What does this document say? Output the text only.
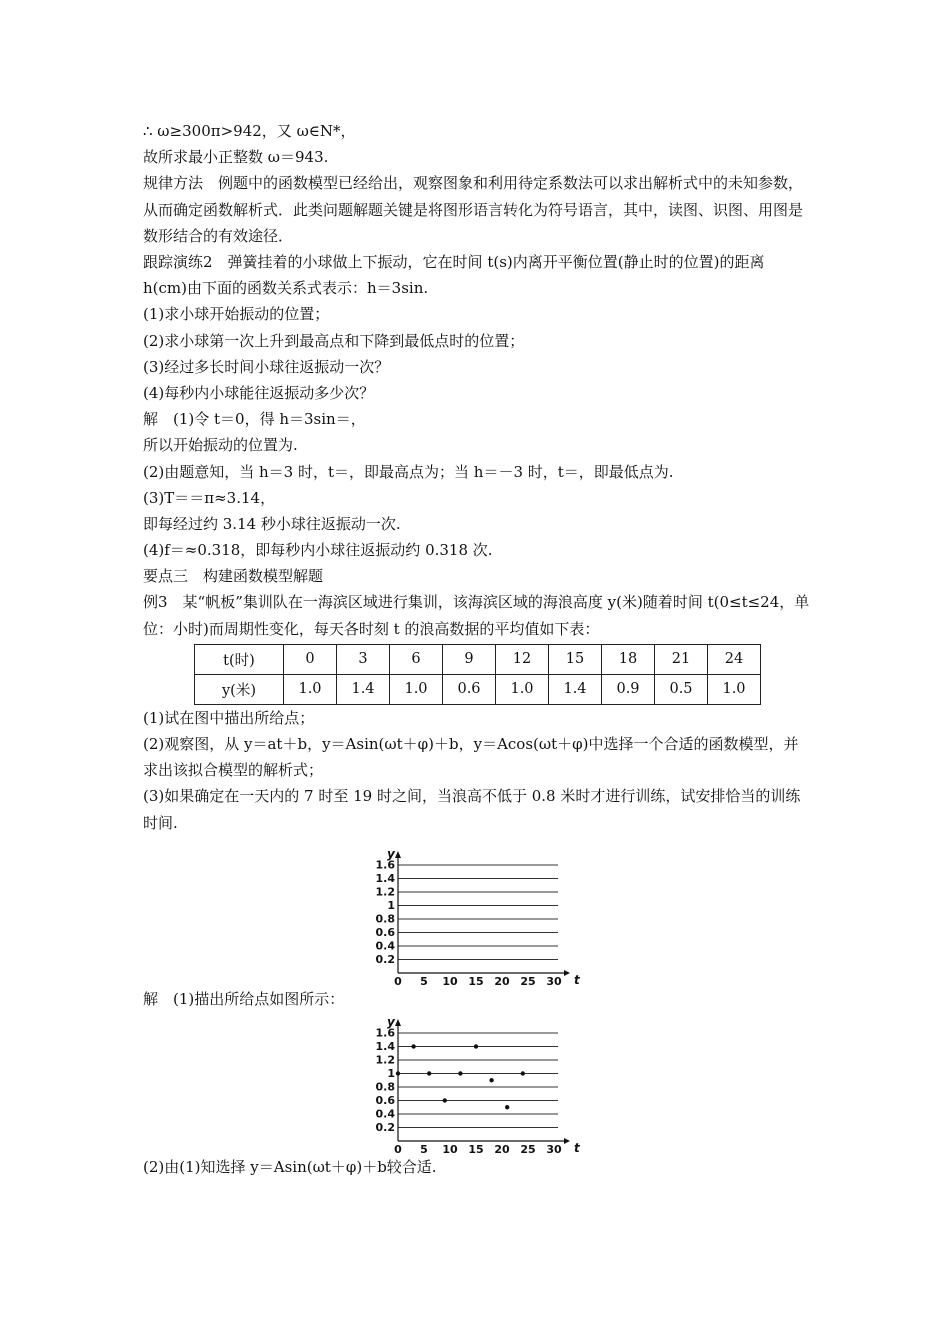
∴ ω≥300π>942，又 ω∈N*，

故所求最小正整数 ω＝943.

规律方法　例题中的函数模型已经给出，观察图象和利用待定系数法可以求出解析式中的未知参数，从而确定函数解析式．此类问题解题关键是将图形语言转化为符号语言，其中，读图、识图、用图是数形结合的有效途径．

跟踪演练2　弹簧挂着的小球做上下振动，它在时间 t(s)内离开平衡位置(静止时的位置)的距离 h(cm)由下面的函数关系式表示：h＝3sin.

(1)求小球开始振动的位置；

(2)求小球第一次上升到最高点和下降到最低点时的位置；

(3)经过多长时间小球往返振动一次？

(4)每秒内小球能往返振动多少次？

解　(1)令 t＝0，得 h＝3sin＝，

所以开始振动的位置为.

(2)由题意知，当 h＝3 时，t＝，即最高点为；当 h＝－3 时，t＝，即最低点为.

(3)T＝＝π≈3.14，

即每经过约 3.14 秒小球往返振动一次.

(4)f＝≈0.318，即每秒内小球往返振动约 0.318 次.

要点三　构建函数模型解题

例3　某“帆板”集训队在一海滨区域进行集训，该海滨区域的海浪高度 y(米)随着时间 t(0≤t≤24，单位：小时)而周期性变化，每天各时刻 t 的浪高数据的平均值如下表：

t(时)	0	3	6	9	12	15	18	21	24
y(米)	1.0	1.4	1.0	0.6	1.0	1.4	0.9	0.5	1.0

(1)试在图中描出所给点；

(2)观察图，从 y＝at＋b，y＝Asin(ωt＋φ)＋b，y＝Acos(ωt＋φ)中选择一个合适的函数模型，并求出该拟合模型的解析式；

(3)如果确定在一天内的 7 时至 19 时之间，当浪高不低于 0.8 米时才进行训练，试安排恰当的训练时间.

0.2
0.4
0.6
0.8
1
1.2
1.4
1.6
0 5 10 15 20 25 30 t
y

解　(1)描出所给点如图所示：

0.2
0.4
0.6
0.8
1
1.2
1.4
1.6
0 5 10 15 20 25 30 t
y

(2)由(1)知选择 y＝Asin(ωt＋φ)＋b较合适.
